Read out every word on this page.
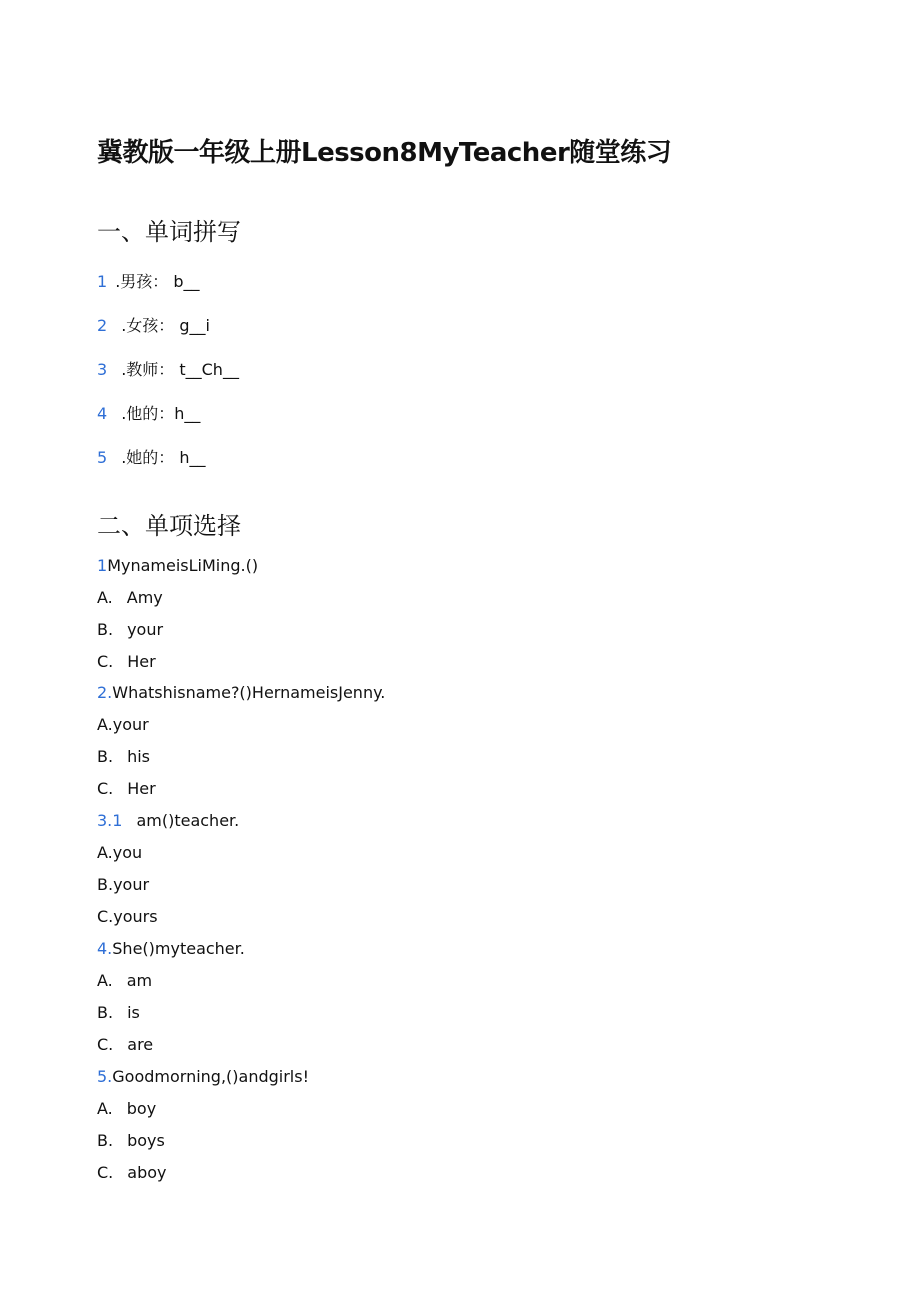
冀教版一年级上册Lesson8MyTeacher随堂练习
一、单词拼写
1 .男孩： b__
2 .女孩： g__i
3 .教师： t__Ch__
4 .他的：h__
5 .她的： h__
二、单项选择
1MynameisLiMing.()
A. Amy
B. your
C. Her
2.Whatshisname?()HernameisJenny.
A.your
B. his
C. Her
3.1 am()teacher.
A.you
B.your
C.yours
4.She()myteacher.
A. am
B. is
C. are
5.Goodmorning,()andgirls!
A. boy
B. boys
C. aboy
